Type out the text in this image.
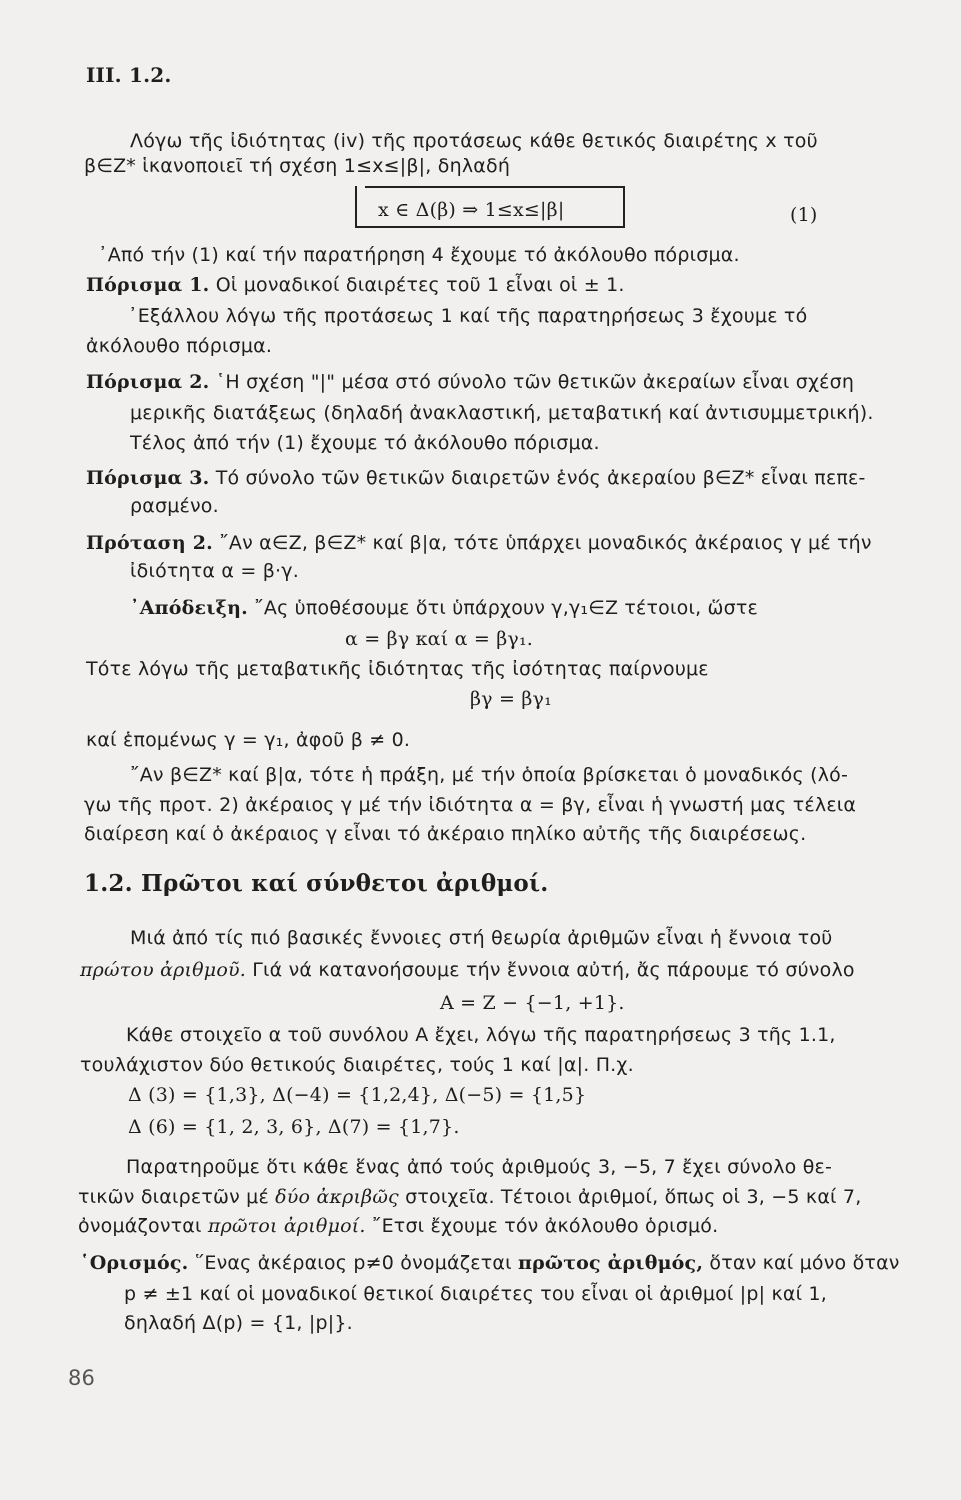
III. 1.2.
Λόγω τῆς ἰδιότητας (iv) τῆς προτάσεως κάθε θετικός διαιρέτης x τοῦ
β∈Z* ἱκανοποιεῖ τή σχέση 1≤x≤|β|, δηλαδή
x ∈ Δ(β) ⇒ 1≤x≤|β|	(1)
᾿Από τήν (1) καί τήν παρατήρηση 4 ἔχουμε τό ἀκόλουθο πόρισμα.
Πόρισμα 1. Οἱ μοναδικοί διαιρέτες τοῦ 1 εἶναι οἱ ± 1.
᾿Εξάλλου λόγω τῆς προτάσεως 1 καί τῆς παρατηρήσεως 3 ἔχουμε τό
ἀκόλουθο πόρισμα.
Πόρισμα 2. ῾Η σχέση "|" μέσα στό σύνολο τῶν θετικῶν ἀκεραίων εἶναι σχέση
μερικῆς διατάξεως (δηλαδή ἀνακλαστική, μεταβατική καί ἀντισυμμετρική).
Τέλος ἀπό τήν (1) ἔχουμε τό ἀκόλουθο πόρισμα.
Πόρισμα 3. Τό σύνολο τῶν θετικῶν διαιρετῶν ἑνός ἀκεραίου β∈Z* εἶναι πεπε-
ρασμένο.
Πρόταση 2. ῎Αν α∈Z, β∈Z* καί β|α, τότε ὑπάρχει μοναδικός ἀκέραιος γ μέ τήν
ἰδιότητα α = β·γ.
᾿Απόδειξη. ῎Ας ὑποθέσουμε ὅτι ὑπάρχουν γ,γ₁∈Z τέτοιοι, ὥστε
α = βγ καί α = βγ₁.
Τότε λόγω τῆς μεταβατικῆς ἰδιότητας τῆς ἰσότητας παίρνουμε
βγ = βγ₁
καί ἑπομένως γ = γ₁, ἀφοῦ β ≠ 0.
῎Αν β∈Z* καί β|α, τότε ἡ πράξη, μέ τήν ὁποία βρίσκεται ὁ μοναδικός (λό-
γω τῆς προτ. 2) ἀκέραιος γ μέ τήν ἰδιότητα α = βγ, εἶναι ἡ γνωστή μας τέλεια
διαίρεση καί ὁ ἀκέραιος γ εἶναι τό ἀκέραιο πηλίκο αὐτῆς τῆς διαιρέσεως.
1.2. Πρῶτοι καί σύνθετοι ἀριθμοί.
Μιά ἀπό τίς πιό βασικές ἔννοιες στή θεωρία ἀριθμῶν εἶναι ἡ ἔννοια τοῦ
πρώτου ἀριθμοῦ. Γιά νά κατανοήσουμε τήν ἔννοια αὐτή, ἄς πάρουμε τό σύνολο
A = Z − {−1, +1}.
Κάθε στοιχεῖο α τοῦ συνόλου A ἔχει, λόγω τῆς παρατηρήσεως 3 τῆς 1.1,
τουλάχιστον δύο θετικούς διαιρέτες, τούς 1 καί |α|. Π.χ.
Δ (3) = {1,3}, Δ(−4) = {1,2,4}, Δ(−5) = {1,5}
Δ (6) = {1, 2, 3, 6}, Δ(7) = {1,7}.
Παρατηροῦμε ὅτι κάθε ἕνας ἀπό τούς ἀριθμούς 3, −5, 7 ἔχει σύνολο θε-
τικῶν διαιρετῶν μέ δύο ἀκριβῶς στοιχεῖα. Τέτοιοι ἀριθμοί, ὅπως οἱ 3, −5 καί 7,
ὀνομάζονται πρῶτοι ἀριθμοί. ῎Ετσι ἔχουμε τόν ἀκόλουθο ὁρισμό.
῾Ορισμός. ῞Ενας ἀκέραιος p≠0 ὀνομάζεται πρῶτος ἀριθμός, ὅταν καί μόνο ὅταν
p ≠ ±1 καί οἱ μοναδικοί θετικοί διαιρέτες του εἶναι οἱ ἀριθμοί |p| καί 1,
δηλαδή Δ(p) = {1, |p|}.
86
